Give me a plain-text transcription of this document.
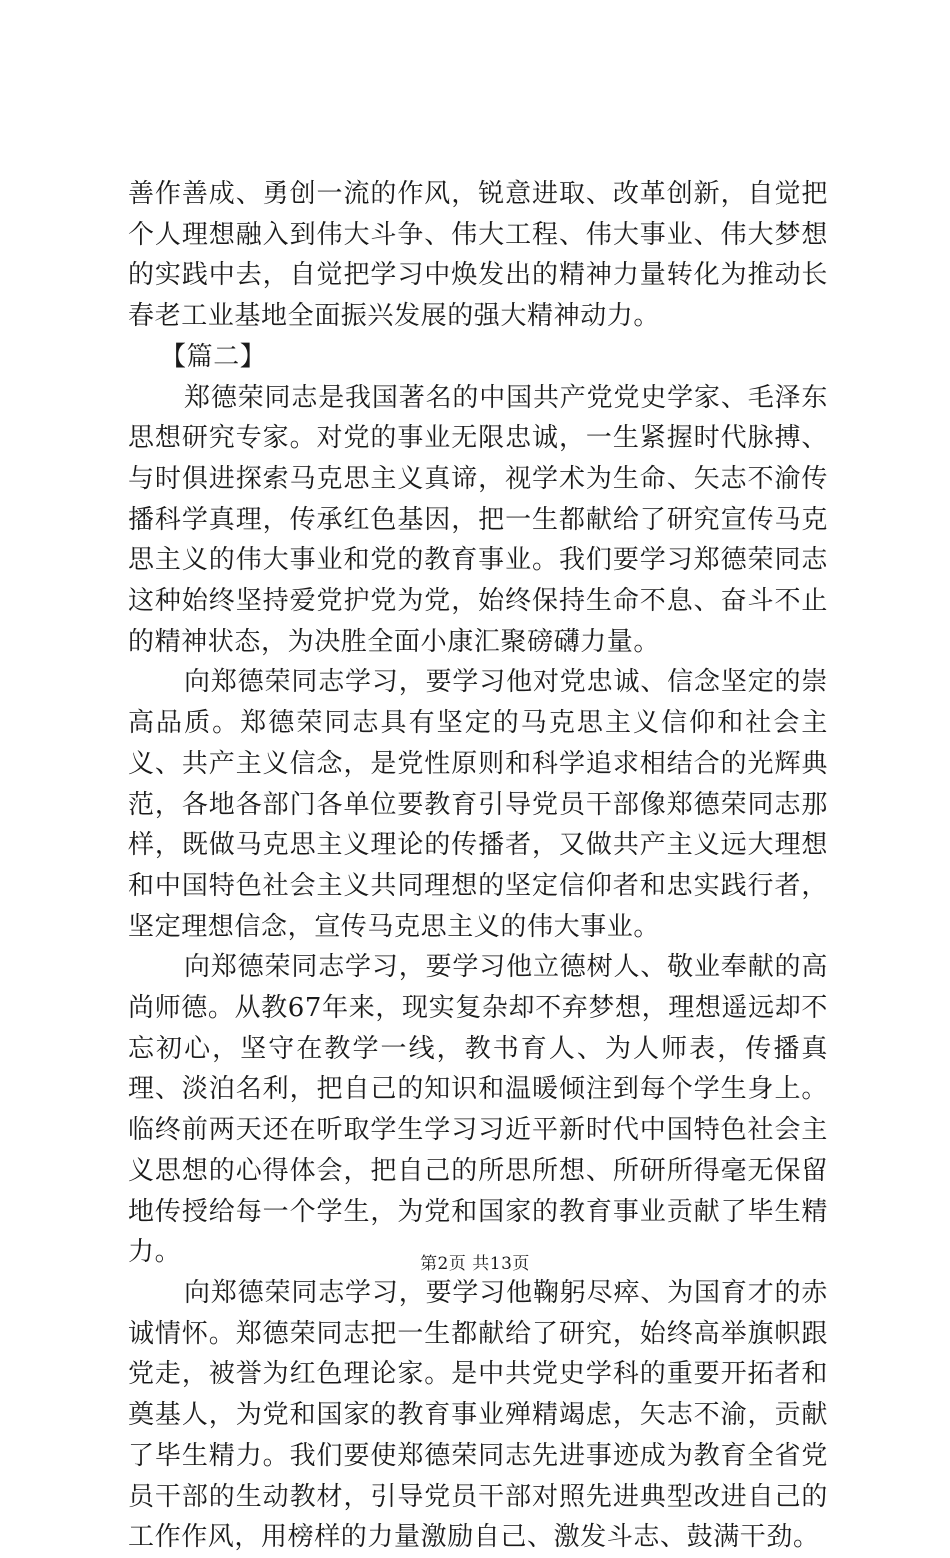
善作善成、勇创一流的作风，锐意进取、改革创新，自觉把个人理想融入到伟大斗争、伟大工程、伟大事业、伟大梦想的实践中去，自觉把学习中焕发出的精神力量转化为推动长春老工业基地全面振兴发展的强大精神动力。

【篇二】

郑德荣同志是我国著名的中国共产党党史学家、毛泽东思想研究专家。对党的事业无限忠诚，一生紧握时代脉搏、与时俱进探索马克思主义真谛，视学术为生命、矢志不渝传播科学真理，传承红色基因，把一生都献给了研究宣传马克思主义的伟大事业和党的教育事业。我们要学习郑德荣同志这种始终坚持爱党护党为党，始终保持生命不息、奋斗不止的精神状态，为决胜全面小康汇聚磅礴力量。

向郑德荣同志学习，要学习他对党忠诚、信念坚定的崇高品质。郑德荣同志具有坚定的马克思主义信仰和社会主义、共产主义信念，是党性原则和科学追求相结合的光辉典范，各地各部门各单位要教育引导党员干部像郑德荣同志那样，既做马克思主义理论的传播者，又做共产主义远大理想和中国特色社会主义共同理想的坚定信仰者和忠实践行者，坚定理想信念，宣传马克思主义的伟大事业。

向郑德荣同志学习，要学习他立德树人、敬业奉献的高尚师德。从教67年来，现实复杂却不弃梦想，理想遥远却不忘初心，坚守在教学一线，教书育人、为人师表，传播真理、淡泊名利，把自己的知识和温暖倾注到每个学生身上。临终前两天还在听取学生学习习近平新时代中国特色社会主义思想的心得体会，把自己的所思所想、所研所得毫无保留地传授给每一个学生，为党和国家的教育事业贡献了毕生精力。

向郑德荣同志学习，要学习他鞠躬尽瘁、为国育才的赤诚情怀。郑德荣同志把一生都献给了研究，始终高举旗帜跟党走，被誉为红色理论家。是中共党史学科的重要开拓者和奠基人，为党和国家的教育事业殚精竭虑，矢志不渝，贡献了毕生精力。我们要使郑德荣同志先进事迹成为教育全省党员干部的生动教材，引导党员干部对照先进典型改进自己的工作作风，用榜样的力量激励自己、激发斗志、鼓满干劲。

第2页 共13页
